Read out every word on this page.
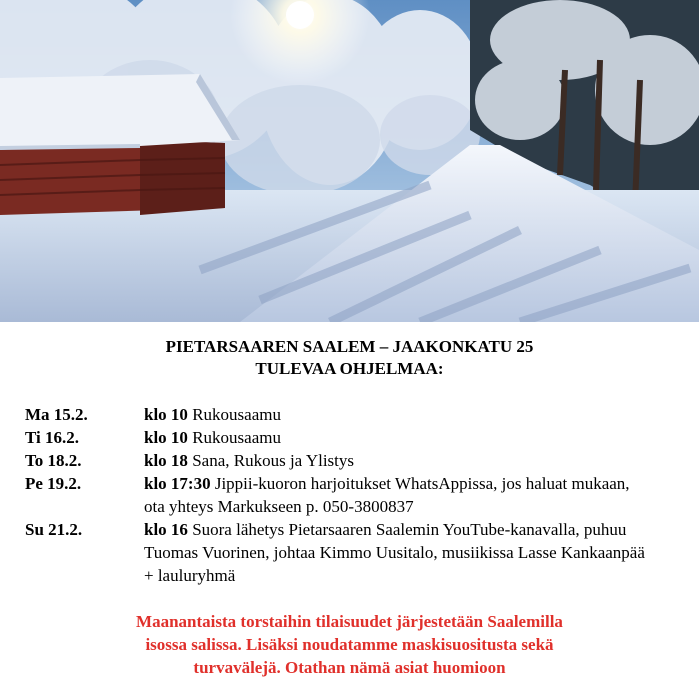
PIETARSAAREN SAALEM – JAAKONKATU 25
TULEVAA OHJELMAA:
Ma 15.2.	klo 10 Rukousaamu
Ti 16.2.	klo 10 Rukousaamu
To 18.2.	klo 18 Sana, Rukous ja Ylistys
Pe 19.2.	klo 17:30 Jippii-kuoron harjoitukset WhatsAppissa, jos haluat mukaan, ota yhteys Markukseen p. 050-3800837
Su 21.2.	klo 16 Suora lähetys Pietarsaaren Saalemin YouTube-kanavalla, puhuu Tuomas Vuorinen, johtaa Kimmo Uusitalo, musiikissa Lasse Kankaanpää + lauluryhmä
Maanantaista torstaihin tilaisuudet järjestetään Saalemilla
isossa salissa. Lisäksi noudatamme maskisuositusta sekä
turvavälejä. Otathan nämä asiat huomioon
